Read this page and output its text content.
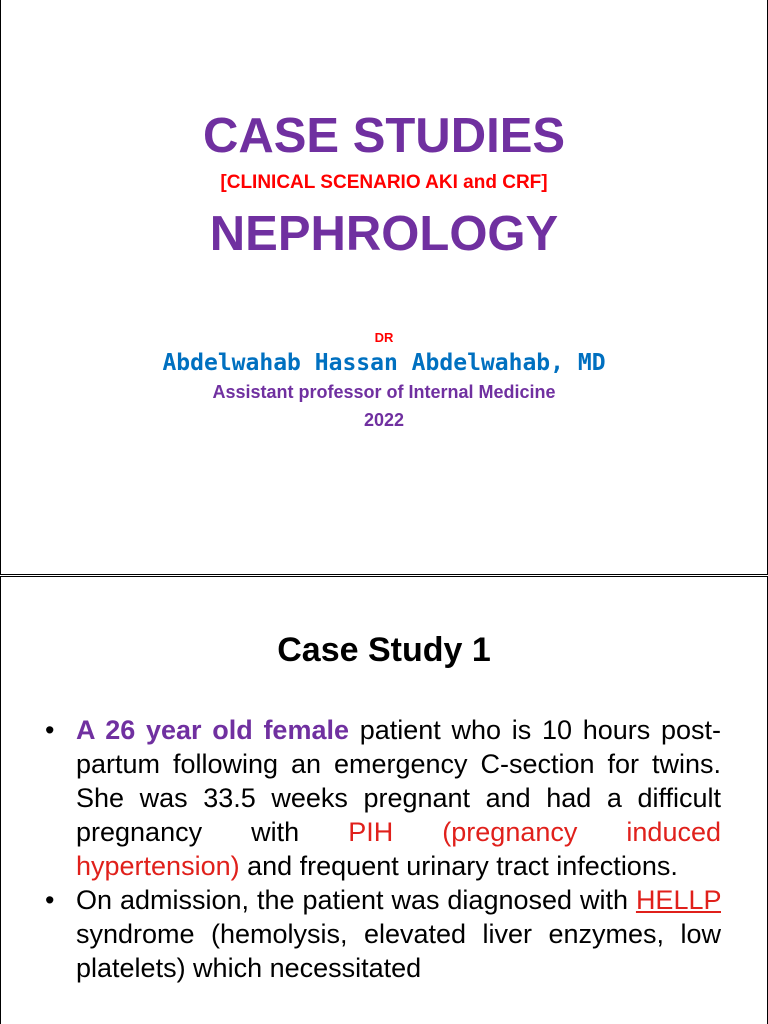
CASE STUDIES
[CLINICAL SCENARIO AKI and CRF]
NEPHROLOGY
DR
Abdelwahab Hassan Abdelwahab, MD
Assistant professor of Internal Medicine
2022
Case Study 1
• A 26 year old female patient who is 10 hours post-partum following an emergency C-section for twins. She was 33.5 weeks pregnant and had a difficult pregnancy with PIH (pregnancy induced hypertension) and frequent urinary tract infections.
• On admission, the patient was diagnosed with HELLP syndrome (hemolysis, elevated liver enzymes, low platelets) which necessitated
